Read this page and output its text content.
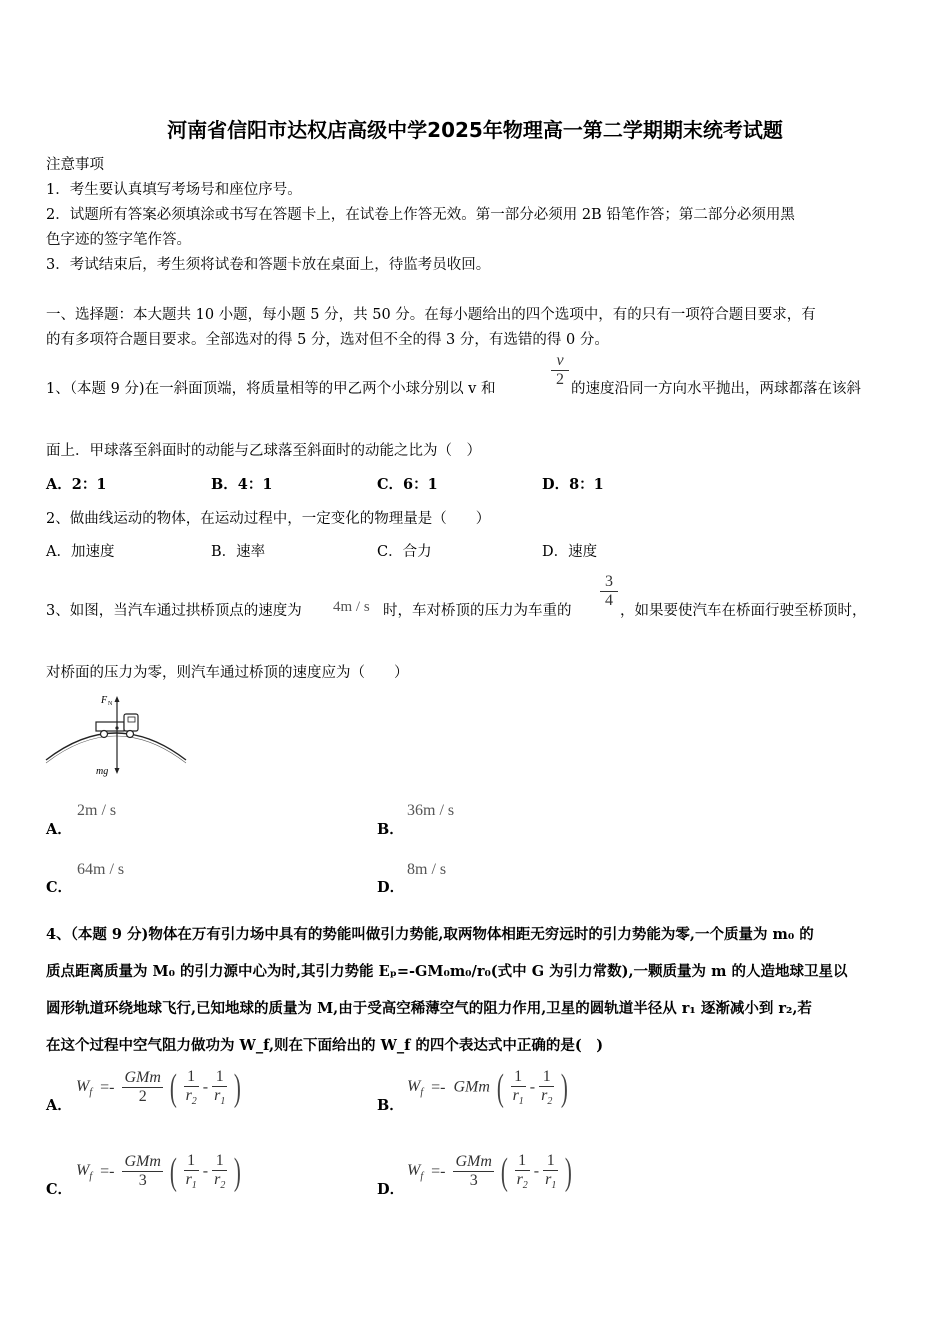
河南省信阳市达权店高级中学2025年物理高一第二学期期末统考试题
注意事项
1．考生要认真填写考场号和座位序号。
2．试题所有答案必须填涂或书写在答题卡上，在试卷上作答无效。第一部分必须用 2B 铅笔作答；第二部分必须用黑
色字迹的签字笔作答。
3．考试结束后，考生须将试卷和答题卡放在桌面上，待监考员收回。
一、选择题：本大题共 10 小题，每小题 5 分，共 50 分。在每小题给出的四个选项中，有的只有一项符合题目要求，有
的有多项符合题目要求。全部选对的得 5 分，选对但不全的得 3 分，有选错的得 0 分。
1、（本题 9 分)在一斜面顶端，将质量相等的甲乙两个小球分别以 v 和	$\frac{v}{2}$ 的速度沿同一方向水平抛出，两球都落在该斜
面上．甲球落至斜面时的动能与乙球落至斜面时的动能之比为（　）
A．2：1	B．4：1	C．6：1	D．8：1
2、做曲线运动的物体，在运动过程中，一定变化的物理量是（　　）
A．加速度	B．速率	C．合力	D．速度
3、如图，当汽车通过拱桥顶点的速度为 4m / s 时，车对桥顶的压力为车重的
$\frac{3}{4}$
，如果要使汽车在桥面行驶至桥顶时，
对桥面的压力为零，则汽车通过桥顶的速度应为（　　）
F N
mg
A．
2m / s
B．
36m / s
C．
64m / s
D．
8m / s
4、（本题 9 分)物体在万有引力场中具有的势能叫做引力势能,取两物体相距无穷远时的引力势能为零,一个质量为 m₀ 的
质点距离质量为 M₀ 的引力源中心为时,其引力势能 Eₚ=-GM₀m₀/r₀(式中 G 为引力常数),一颗质量为 m 的人造地球卫星以
圆形轨道环绕地球飞行,已知地球的质量为 M,由于受高空稀薄空气的阻力作用,卫星的圆轨道半径从 r₁ 逐渐减小到 r₂,若
在这个过程中空气阻力做功为 W_f,则在下面给出的 W_f 的四个表达式中正确的是(　)
A．
$W_f =- \frac{\text{GMm}}{2}$ ( $\frac{1}{r_2} - \frac{1}{r_1}$ )	B．
$W_f$ =- GMm ( $\frac{1}{r_1} - \frac{1}{r_2}$ )
C．
$W_f =- \frac{\text{GMm}}{3}$ ( $\frac{1}{r_1} - \frac{1}{r_2}$ )	D．
$W_f =- \frac{\text{GMm}}{3}$ ( $\frac{1}{r_2} - \frac{1}{r_1}$ )
